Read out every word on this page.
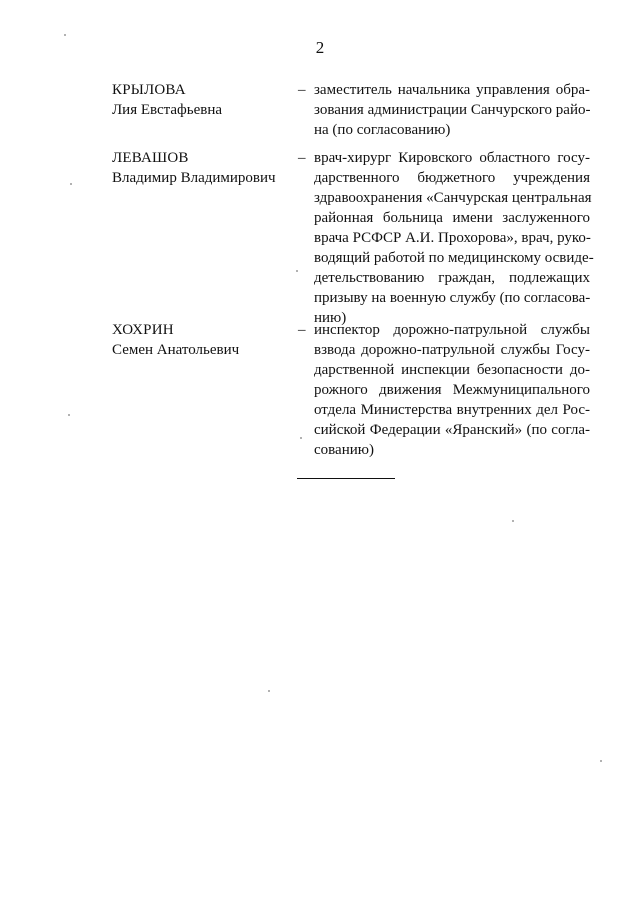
2
КРЫЛОВА
Лия Евстафьевна
– заместитель начальника управления обра-
зования администрации Санчурского райо-
на (по согласованию)
ЛЕВАШОВ
Владимир Владимирович
– врач-хирург Кировского областного госу-
дарственного бюджетного учреждения
здравоохранения «Санчурская центральная
районная больница имени заслуженного
врача РСФСР А.И. Прохорова», врач, руко-
водящий работой по медицинскому освиде-
детельствованию граждан, подлежащих
призыву на военную службу (по согласова-
нию)
ХОХРИН
Семен Анатольевич
– инспектор дорожно-патрульной службы
взвода дорожно-патрульной службы Госу-
дарственной инспекции безопасности до-
рожного движения Межмуниципального
отдела Министерства внутренних дел Рос-
сийской Федерации «Яранский» (по согла-
сованию)
